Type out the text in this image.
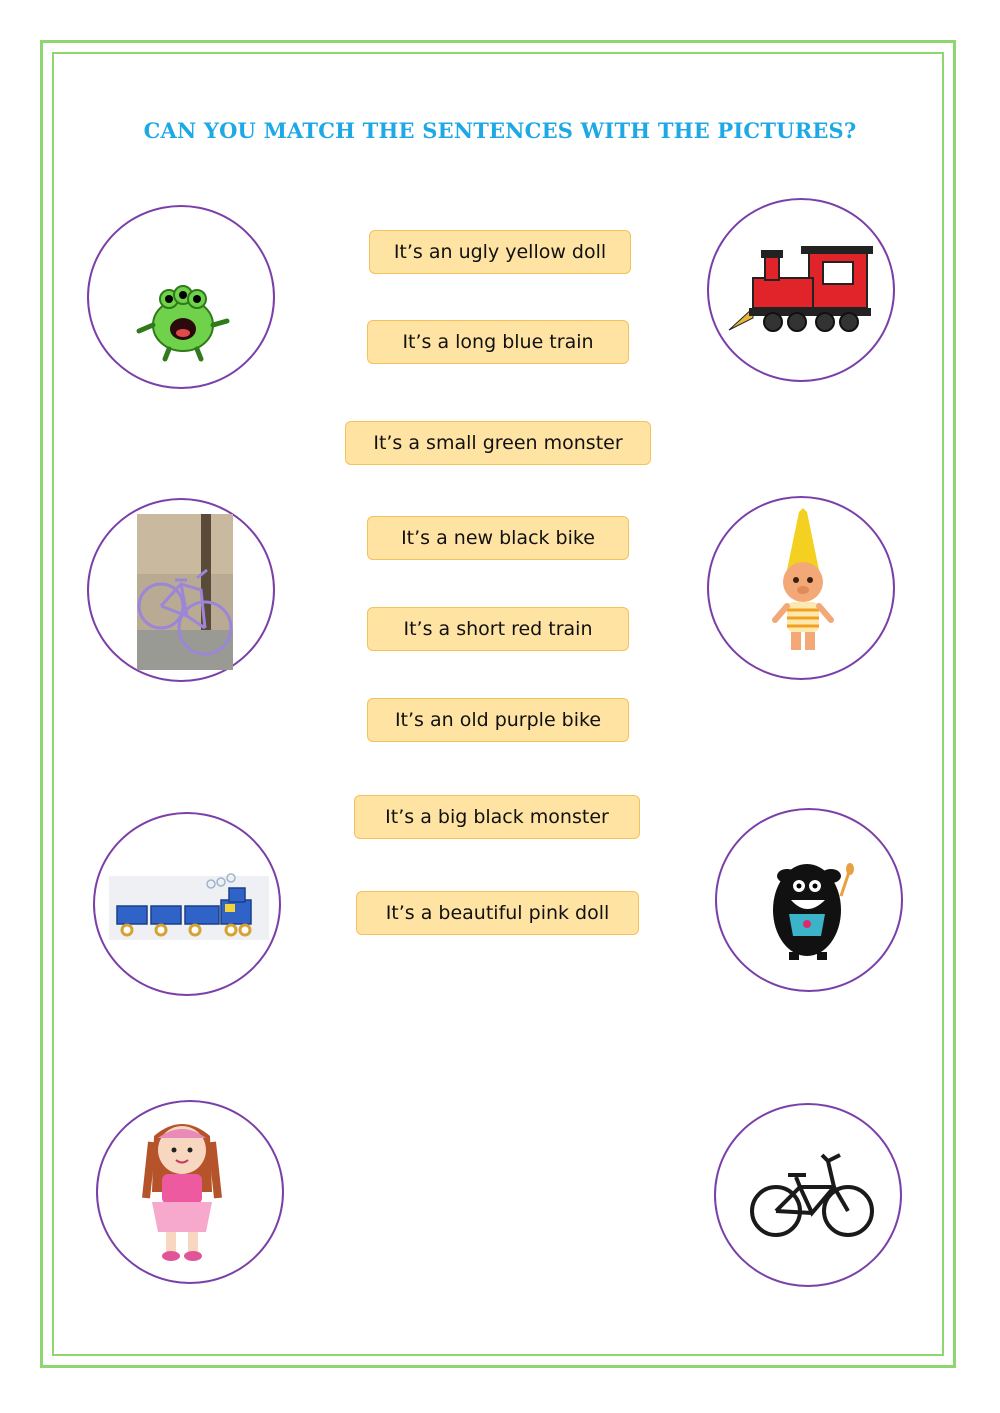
CAN YOU MATCH THE SENTENCES WITH THE PICTURES?
It’s an ugly yellow doll
It’s a long blue train
It’s a small green monster
It’s a new black bike
It’s a short red train
It’s an old purple bike
It’s a big black monster
It’s a beautiful pink doll
